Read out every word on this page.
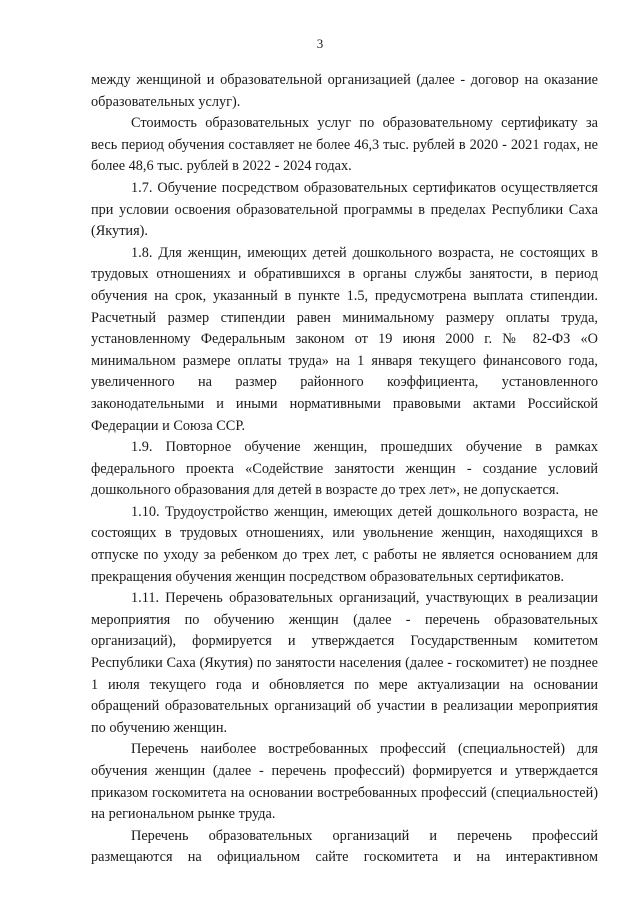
3

между женщиной и образовательной организацией (далее - договор на оказание образовательных услуг).

Стоимость образовательных услуг по образовательному сертификату за весь период обучения составляет не более 46,3 тыс. рублей в 2020 - 2021 годах, не более 48,6 тыс. рублей в 2022 - 2024 годах.

1.7. Обучение посредством образовательных сертификатов осуществляется при условии освоения образовательной программы в пределах Республики Саха (Якутия).

1.8. Для женщин, имеющих детей дошкольного возраста, не состоящих в трудовых отношениях и обратившихся в органы службы занятости, в период обучения на срок, указанный в пункте 1.5, предусмотрена выплата стипендии. Расчетный размер стипендии равен минимальному размеру оплаты труда, установленному Федеральным законом от 19 июня 2000 г. № 82-ФЗ «О минимальном размере оплаты труда» на 1 января текущего финансового года, увеличенного на размер районного коэффициента, установленного законодательными и иными нормативными правовыми актами Российской Федерации и Союза ССР.

1.9. Повторное обучение женщин, прошедших обучение в рамках федерального проекта «Содействие занятости женщин - создание условий дошкольного образования для детей в возрасте до трех лет», не допускается.

1.10. Трудоустройство женщин, имеющих детей дошкольного возраста, не состоящих в трудовых отношениях, или увольнение женщин, находящихся в отпуске по уходу за ребенком до трех лет, с работы не является основанием для прекращения обучения женщин посредством образовательных сертификатов.

1.11. Перечень образовательных организаций, участвующих в реализации мероприятия по обучению женщин (далее - перечень образовательных организаций), формируется и утверждается Государственным комитетом Республики Саха (Якутия) по занятости населения (далее - госкомитет) не позднее 1 июля текущего года и обновляется по мере актуализации на основании обращений образовательных организаций об участии в реализации мероприятия по обучению женщин.

Перечень наиболее востребованных профессий (специальностей) для обучения женщин (далее - перечень профессий) формируется и утверждается приказом госкомитета на основании востребованных профессий (специальностей) на региональном рынке труда.

Перечень образовательных организаций и перечень профессий размещаются на официальном сайте госкомитета и на интерактивном
